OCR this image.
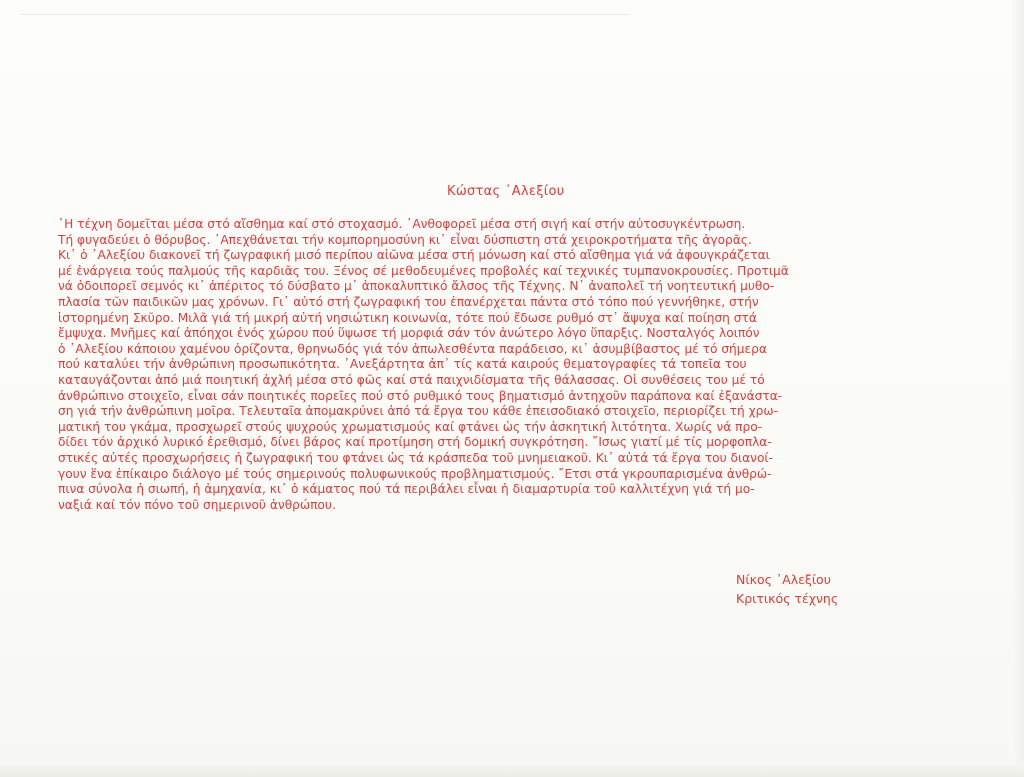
Κώστας ᾿Αλεξίου
῾Η τέχνη δομεῖται μέσα στό αἴσθημα καί στό στοχασμό. ᾿Ανθοφορεῖ μέσα στή σιγή καί στήν αὐτοσυγκέντρωση.
Τή φυγαδεύει ὁ θόρυβος. ᾿Απεχθάνεται τήν κομπορημοσύνη κι᾿ εἶναι δύσπιστη στά χειροκροτήματα τῆς ἀγορᾶς.
Κι᾿ ὁ ᾿Αλεξίου διακονεῖ τή ζωγραφική μισό περίπου αἰῶνα μέσα στή μόνωση καί στό αἴσθημα γιά νά ἀφουγκράζεται
μέ ἐνάργεια τούς παλμούς τῆς καρδιᾶς του. Ξένος σέ μεθοδευμένες προβολές καί τεχνικές τυμπανοκρουσίες. Προτιμᾶ
νά ὁδοιπορεῖ σεμνός κι᾿ ἀπέριτος τό δύσβατο μ᾿ ἀποκαλυπτικό ἄλσος τῆς Τέχνης. Ν᾿ ἀναπολεῖ τή νοητευτική μυθο-
πλασία τῶν παιδικῶν μας χρόνων. Γι᾿ αὐτό στή ζωγραφική του ἐπανέρχεται πάντα στό τόπο πού γεννήθηκε, στήν
ἱστορημένη Σκῦρο. Μιλᾶ γιά τή μικρή αὐτή νησιώτικη κοινωνία, τότε πού ἔδωσε ρυθμό στ᾿ ἄψυχα καί ποίηση στά
ἔμψυχα. Μνῆμες καί ἀπόηχοι ἑνός χώρου πού ὕψωσε τή μορφιά σάν τόν ἀνώτερο λόγο ὕπαρξις. Νοσταλγός λοιπόν
ὁ ᾿Αλεξίου κάποιου χαμένου ὁρίζοντα, θρηνωδός γιά τόν ἀπωλεσθέντα παράδεισο, κι᾿ ἀσυμβίβαστος μέ τό σήμερα
πού καταλύει τήν ἀνθρώπινη προσωπικότητα. ᾿Ανεξάρτητα ἀπ᾿ τίς κατά καιρούς θεματογραφίες τά τοπεῖα του
καταυγάζονται ἀπό μιά ποιητική ἀχλή μέσα στό φῶς καί στά παιχνιδίσματα τῆς θάλασσας. Οἱ συνθέσεις του μέ τό
ἀνθρώπινο στοιχεῖο, εἶναι σάν ποιητικές πορεῖες πού στό ρυθμικό τους βηματισμό ἀντηχοῦν παράπονα καί ἐξανάστα-
ση γιά τήν ἀνθρώπινη μοῖρα. Τελευταῖα ἀπομακρύνει ἀπό τά ἔργα του κάθε ἐπεισοδιακό στοιχεῖο, περιορίζει τή χρω-
ματική του γκάμα, προσχωρεῖ στούς ψυχρούς χρωματισμούς καί φτάνει ὡς τήν ἀσκητική λιτότητα. Χωρίς νά προ-
δίδει τόν ἀρχικό λυρικό ἐρεθισμό, δίνει βάρος καί προτίμηση στή δομική συγκρότηση. ῎Ισως γιατί μέ τίς μορφοπλα-
στικές αὐτές προσχωρήσεις ἡ ζωγραφική του φτάνει ὡς τά κράσπεδα τοῦ μνημειακοῦ. Κι᾿ αὐτά τά ἔργα του διανοί-
γουν ἕνα ἐπίκαιρο διάλογο μέ τούς σημερινούς πολυφωνικούς προβληματισμούς. ῎Ετσι στά γκρουπαρισμένα ἀνθρώ-
πινα σύνολα ἡ σιωπή, ἡ ἀμηχανία, κι᾿ ὁ κάματος πού τά περιβάλει εἶναι ἡ διαμαρτυρία τοῦ καλλιτέχνη γιά τή μο-
ναξιά καί τόν πόνο τοῦ σημερινοῦ ἀνθρώπου.
Νίκος ᾿Αλεξίου
Κριτικός τέχνης
